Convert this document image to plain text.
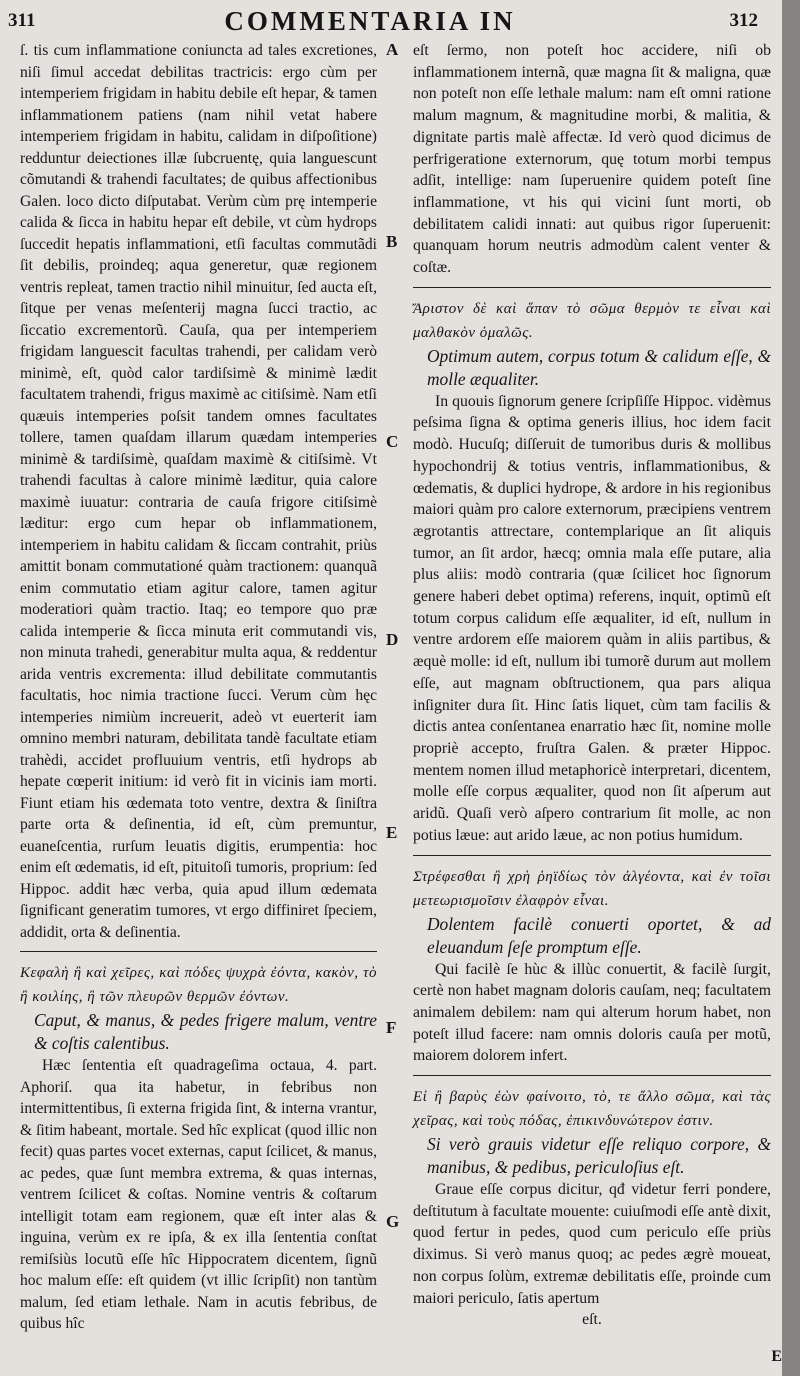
311	COMMENTARIA IN	312

ſ. tis cum inflammatione coniuncta ad tales excretiones, niſi ſimul accedat debilitas tractricis: ergo cùm per intemperiem frigidam in habitu debile eſt hepar, & tamen inflammationem patiens (nam nihil vetat habere intemperiem frigidam in habitu, calidam in diſpoſitione) redduntur deiectiones illæ ſubcruentę, quia languescunt cõmutandi & trahendi facultates; de quibus affectionibus Galen. loco dicto diſputabat. Verùm cùm prę intemperie calida & ſicca in habitu hepar eſt debile, vt cùm hydrops ſuccedit hepatis inflammationi, etſi facultas commutãdi ſit debilis, proindeq; aqua generetur, quæ regionem ventris repleat, tamen tractio nihil minuitur, ſed aucta eſt, ſitque per venas meſenterij magna ſucci tractio, ac ſiccatio excrementorũ. Cauſa, qua per intemperiem frigidam languescit facultas trahendi, per calidam verò minimè, eſt, quòd calor tardiſsimè & minimè lædit facultatem trahendi, frigus maximè ac citiſsimè. Nam etſi quæuis intemperies poſsit tandem omnes facultates tollere, tamen quaſdam illarum quædam intemperies minimè & tardiſsimè, quaſdam maximè & citiſsimè. Vt trahendi facultas à calore minimè læditur, quia calore maximè iuuatur: contraria de cauſa frigore citiſsimè læditur: ergo cum hepar ob inflammationem, intemperiem in habitu calidam & ſiccam contrahit, priùs amittit bonam commutationé quàm tractionem: quanquã enim commutatio etiam agitur calore, tamen agitur moderatiori quàm tractio. Itaq; eo tempore quo præ calida intemperie & ſicca minuta erit commutandi vis, non minuta trahedi, generabitur multa aqua, & reddentur arida ventris excrementa: illud debilitate commutantis facultatis, hoc nimia tractione ſucci. Verum cùm hęc intemperies nimiùm increuerit, adeò vt euerterit iam omnino membri naturam, debilitata tandè facultate etiam trahèdi, accidet profluuium ventris, etſi hydrops ab hepate cœperit initium: id verò fit in vicinis iam morti. Fiunt etiam his œdemata toto ventre, dextra & ſiniſtra parte orta & deſinentia, id eſt, cùm premuntur, euaneſcentia, rurſum leuatis digitis, erumpentia: hoc enim eſt œdematis, id eſt, pituitoſi tumoris, proprium: ſed Hippoc. addit hæc verba, quia apud illum œdemata ſignificant generatim tumores, vt ergo diffiniret ſpeciem, addidit, orta & deſinentia.

Κεφαλὴ ἢ καὶ χεῖρες, καὶ πόδες ψυχρὰ ἐόντα, κακὸν, τὸ ἢ κοιλίης, ἢ τῶν πλευρῶν θερμῶν ἐόντων.

Caput, & manus, & pedes frigere malum, ventre & coſtis calentibus.

Hæc ſententia eſt quadrageſima octaua, 4. part. Aphoriſ. qua ita habetur, in febribus non intermittentibus, ſi externa frigida ſint, & interna vrantur, & ſitim habeant, mortale. Sed hîc explicat (quod illic non fecit) quas partes vocet externas, caput ſcilicet, & manus, ac pedes, quæ ſunt membra extrema, & quas internas, ventrem ſcilicet & coſtas. Nomine ventris & coſtarum intelligit totam eam regionem, quæ eſt inter alas & inguina, verùm ex re ipſa, & ex illa ſententia conſtat remiſsiùs locutũ eſſe hîc Hippocratem dicentem, ſignũ hoc malum eſſe: eſt quidem (vt illic ſcripſit) non tantùm malum, ſed etiam lethale. Nam in acutis febribus, de quibus hîc

eſt ſermo, non poteſt hoc accidere, niſi ob inflammationem internã, quæ magna ſit & maligna, quæ non poteſt non eſſe lethale malum: nam eſt omni ratione malum magnum, & magnitudine morbi, & malitia, & dignitate partis malè affectæ. Id verò quod dicimus de perfrigeratione externorum, quę totum morbi tempus adſit, intellige: nam ſuperuenire quidem poteſt ſine inflammatione, vt his qui vicini ſunt morti, ob debilitatem calidi innati: aut quibus rigor ſuperuenit: quanquam horum neutris admodùm calent venter & coſtæ.

Ἄριστον δὲ καὶ ἅπαν τὸ σῶμα θερμὸν τε εἶναι καὶ μαλθακὸν ὁμαλῶς.

Optimum autem, corpus totum & calidum eſſe, & molle æqualiter.

In quouis ſignorum genere ſcripſiſſe Hippoc. vidèmus peſsima ſigna & optima generis illius, hoc idem facit modò. Hucuſq; diſſeruit de tumoribus duris & mollibus hypochondrij & totius ventris, inflammationibus, & œdematis, & duplici hydrope, & ardore in his regionibus maiori quàm pro calore externorum, præcipiens ventrem ægrotantis attrectare, contemplarique an ſit aliquis tumor, an ſit ardor, hæcq; omnia mala eſſe putare, alia plus aliis: modò contraria (quæ ſcilicet hoc ſignorum genere haberi debet optima) referens, inquit, optimũ eſt totum corpus calidum eſſe æqualiter, id eſt, nullum in ventre ardorem eſſe maiorem quàm in aliis partibus, & æquè molle: id eſt, nullum ibi tumorẽ durum aut mollem eſſe, aut magnam obſtructionem, qua pars aliqua inſigniter dura ſit. Hinc ſatis liquet, cùm tam facilis & dictis antea conſentanea enarratio hæc ſit, nomine molle propriè accepto, fruſtra Galen. & præter Hippoc. mentem nomen illud metaphoricè interpretari, dicentem, molle eſſe corpus æqualiter, quod non ſit aſperum aut aridũ. Quaſi verò aſpero contrarium ſit molle, ac non potius læue: aut arido læue, ac non potius humidum.

Στρέφεσθαι ἢ χρὴ ῥηϊδίως τὸν ἀλγέοντα, καὶ ἐν τοῖσι μετεωρισμοῖσιν ἐλαφρὸν εἶναι.

Dolentem facilè conuerti oportet, & ad eleuandum ſeſe promptum eſſe.

Qui facilè ſe hùc & illùc conuertit, & facilè ſurgit, certè non habet magnam doloris cauſam, neq; facultatem animalem debilem: nam qui alterum horum habet, non poteſt illud facere: nam omnis doloris cauſa per motũ, maiorem dolorem infert.

Εἰ ἢ βαρὺς ἐὼν φαίνοιτο, τὸ, τε ἄλλο σῶμα, καὶ τὰς χεῖρας, καὶ τοὺς πόδας, ἐπικινδυνώτερον ἐστιν.

Si verò grauis videtur eſſe reliquo corpore, & manibus, & pedibus, periculoſius eſt.

Graue eſſe corpus dicitur, qđ videtur ferri pondere, deſtitutum à facultate mouente: cuiuſmodi eſſe antè dixit, quod fertur in pedes, quod cum periculo eſſe priùs diximus. Si verò manus quoq; ac pedes ægrè moueat, non corpus ſolùm, extremæ debilitatis eſſe, proinde cum maiori periculo, ſatis apertum

eſt.

A
B
C
D
E
F
G
E
